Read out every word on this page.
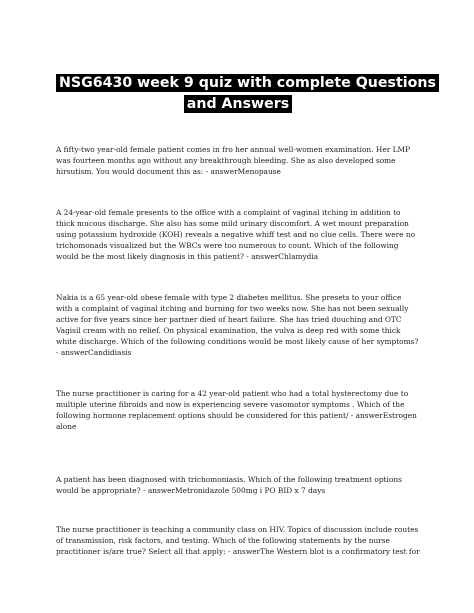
NSG6430 week 9 quiz with complete Questions
and Answers

A fifty-two year-old female patient comes in fro her annual well-women examination. Her LMP was fourteen months ago without any breakthrough bleeding. She as also developed some hirsutism. You would document this as: - answerMenopause

A 24-year-old female presents to the office with a complaint of vaginal itching in addition to thick mucous discharge. She also has some mild urinary discomfort. A wet mount preparation using potassium hydroxide (KOH) reveals a negative whiff test and no clue cells. There were no trichomonads visualized but the WBCs were too numerous to count. Which of the following would be the most likely diagnosis in this patient? - answerChlamydia

Nakia is a 65 year-old obese female with type 2 diabetes mellitus. She presets to your office with a complaint of vaginal itching and burning for two weeks now. She has not been sexually active for five years since her partner died of heart failure. She has tried douching and OTC Vagisil cream with no relief. On physical examination, the vulva is deep red with some thick white discharge. Which of the following conditions would be most likely cause of her symptoms? - answerCandidiasis

The nurse practitioner is caring for a 42 year-old patient who had a total hysterectomy due to multiple uterine fibroids and now is experiencing severe vasomotor symptoms . Which of the following hormone replacement options should be considered for this patient/ - answerEstrogen alone

A patient has been diagnosed with trichomoniasis. Which of the following treatment options would be appropriate? - answerMetronidazole 500mg i PO BID x 7 days

The nurse practitioner is teaching a community class on HIV. Topics of discussion include routes of transmission, risk factors, and testing. Which of the following statements by the nurse practitioner is/are true? Select all that apply: - answerThe Western blot is a confirmatory test for
